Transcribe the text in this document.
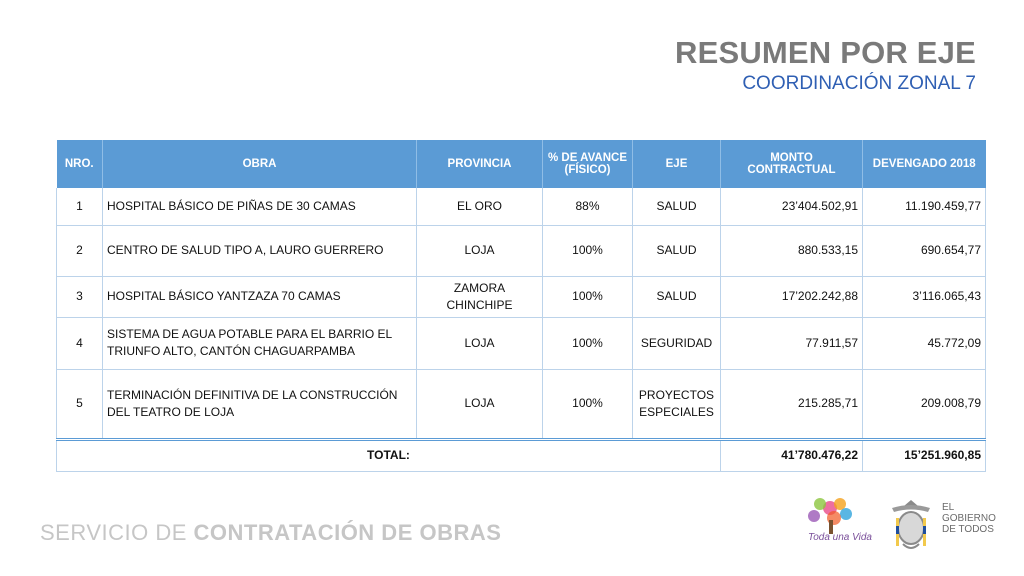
RESUMEN POR EJE
COORDINACIÓN ZONAL 7
NRO.	OBRA	PROVINCIA	% DE AVANCE (FÍSICO)	EJE	MONTO CONTRACTUAL	DEVENGADO 2018
1	HOSPITAL BÁSICO DE PIÑAS DE 30 CAMAS	EL ORO	88%	SALUD	23’404.502,91	11.190.459,77
2	CENTRO DE SALUD TIPO A, LAURO GUERRERO	LOJA	100%	SALUD	880.533,15	690.654,77
3	HOSPITAL BÁSICO YANTZAZA 70 CAMAS	ZAMORA CHINCHIPE	100%	SALUD	17’202.242,88	3’116.065,43
4	SISTEMA DE AGUA POTABLE PARA EL BARRIO EL TRIUNFO ALTO, CANTÓN CHAGUARPAMBA	LOJA	100%	SEGURIDAD	77.911,57	45.772,09
5	TERMINACIÓN DEFINITIVA DE LA CONSTRUCCIÓN DEL TEATRO DE LOJA	LOJA	100%	PROYECTOS ESPECIALES	215.285,71	209.008,79
TOTAL:					41’780.476,22	15’251.960,85
SERVICIO DE CONTRATACIÓN DE OBRAS	Toda una Vida
EL GOBIERNO DE TODOS
